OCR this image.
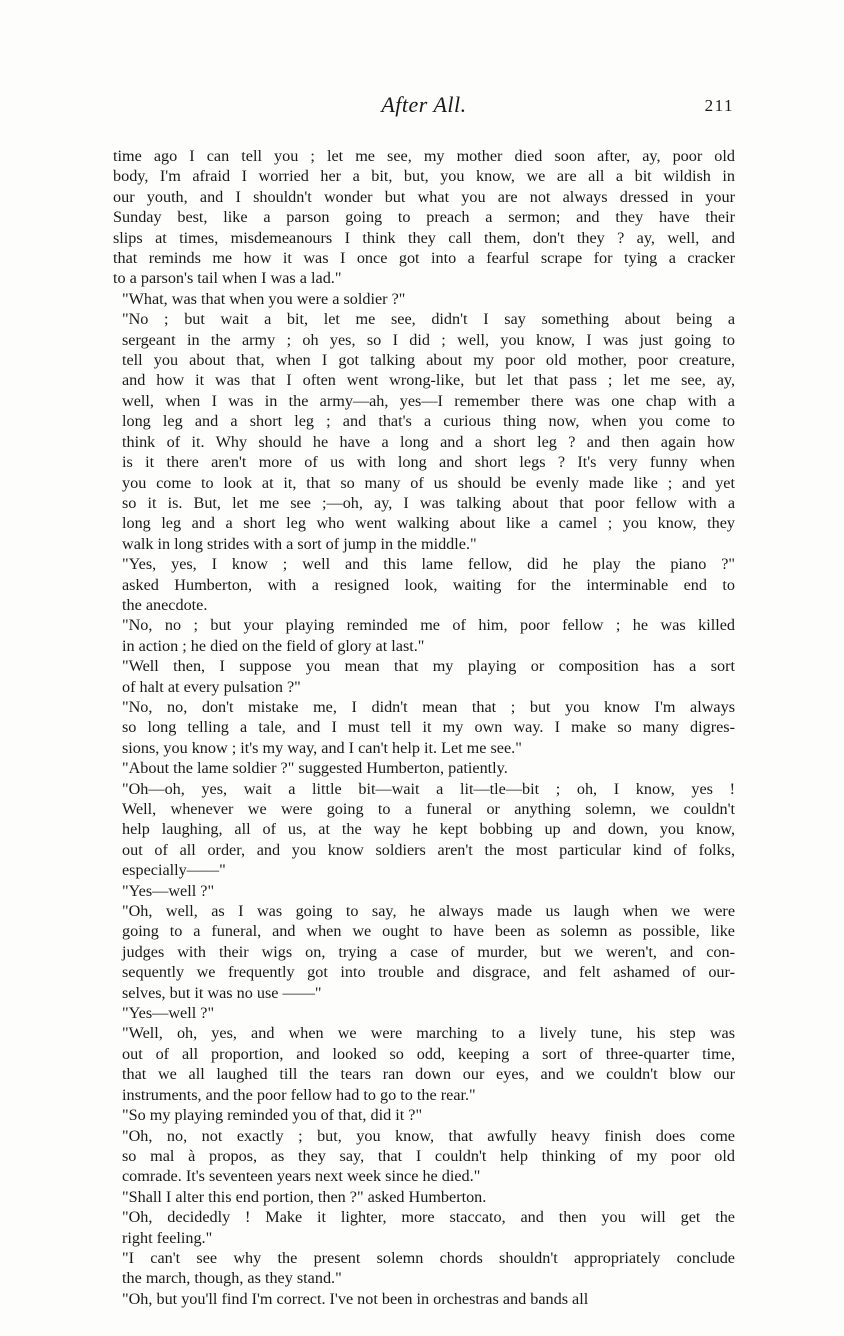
After All.	211
time ago I can tell you ; let me see, my mother died soon after, ay, poor old
body, I'm afraid I worried her a bit, but, you know, we are all a bit wildish in
our youth, and I shouldn't wonder but what you are not always dressed in your
Sunday best, like a parson going to preach a sermon; and they have their
slips at times, misdemeanours I think they call them, don't they ? ay, well, and
that reminds me how it was I once got into a fearful scrape for tying a cracker
to a parson's tail when I was a lad."
"What, was that when you were a soldier ?"
"No ; but wait a bit, let me see, didn't I say something about being a
sergeant in the army ; oh yes, so I did ; well, you know, I was just going to
tell you about that, when I got talking about my poor old mother, poor creature,
and how it was that I often went wrong-like, but let that pass ; let me see, ay,
well, when I was in the army—ah, yes—I remember there was one chap with a
long leg and a short leg ; and that's a curious thing now, when you come to
think of it. Why should he have a long and a short leg ? and then again how
is it there aren't more of us with long and short legs ? It's very funny when
you come to look at it, that so many of us should be evenly made like ; and yet
so it is. But, let me see ;—oh, ay, I was talking about that poor fellow with a
long leg and a short leg who went walking about like a camel ; you know, they
walk in long strides with a sort of jump in the middle."
"Yes, yes, I know ; well and this lame fellow, did he play the piano ?"
asked Humberton, with a resigned look, waiting for the interminable end to
the anecdote.
"No, no ; but your playing reminded me of him, poor fellow ; he was killed
in action ; he died on the field of glory at last."
"Well then, I suppose you mean that my playing or composition has a sort
of halt at every pulsation ?"
"No, no, don't mistake me, I didn't mean that ; but you know I'm always
so long telling a tale, and I must tell it my own way. I make so many digres-
sions, you know ; it's my way, and I can't help it. Let me see."
"About the lame soldier ?" suggested Humberton, patiently.
"Oh—oh, yes, wait a little bit—wait a lit—tle—bit ; oh, I know, yes !
Well, whenever we were going to a funeral or anything solemn, we couldn't
help laughing, all of us, at the way he kept bobbing up and down, you know,
out of all order, and you know soldiers aren't the most particular kind of folks,
especially——"
"Yes—well ?"
"Oh, well, as I was going to say, he always made us laugh when we were
going to a funeral, and when we ought to have been as solemn as possible, like
judges with their wigs on, trying a case of murder, but we weren't, and con-
sequently we frequently got into trouble and disgrace, and felt ashamed of our-
selves, but it was no use ——"
"Yes—well ?"
"Well, oh, yes, and when we were marching to a lively tune, his step was
out of all proportion, and looked so odd, keeping a sort of three-quarter time,
that we all laughed till the tears ran down our eyes, and we couldn't blow our
instruments, and the poor fellow had to go to the rear."
"So my playing reminded you of that, did it ?"
"Oh, no, not exactly ; but, you know, that awfully heavy finish does come
so mal à propos, as they say, that I couldn't help thinking of my poor old
comrade. It's seventeen years next week since he died."
"Shall I alter this end portion, then ?" asked Humberton.
"Oh, decidedly ! Make it lighter, more staccato, and then you will get the
right feeling."
"I can't see why the present solemn chords shouldn't appropriately conclude
the march, though, as they stand."
"Oh, but you'll find I'm correct. I've not been in orchestras and bands all
